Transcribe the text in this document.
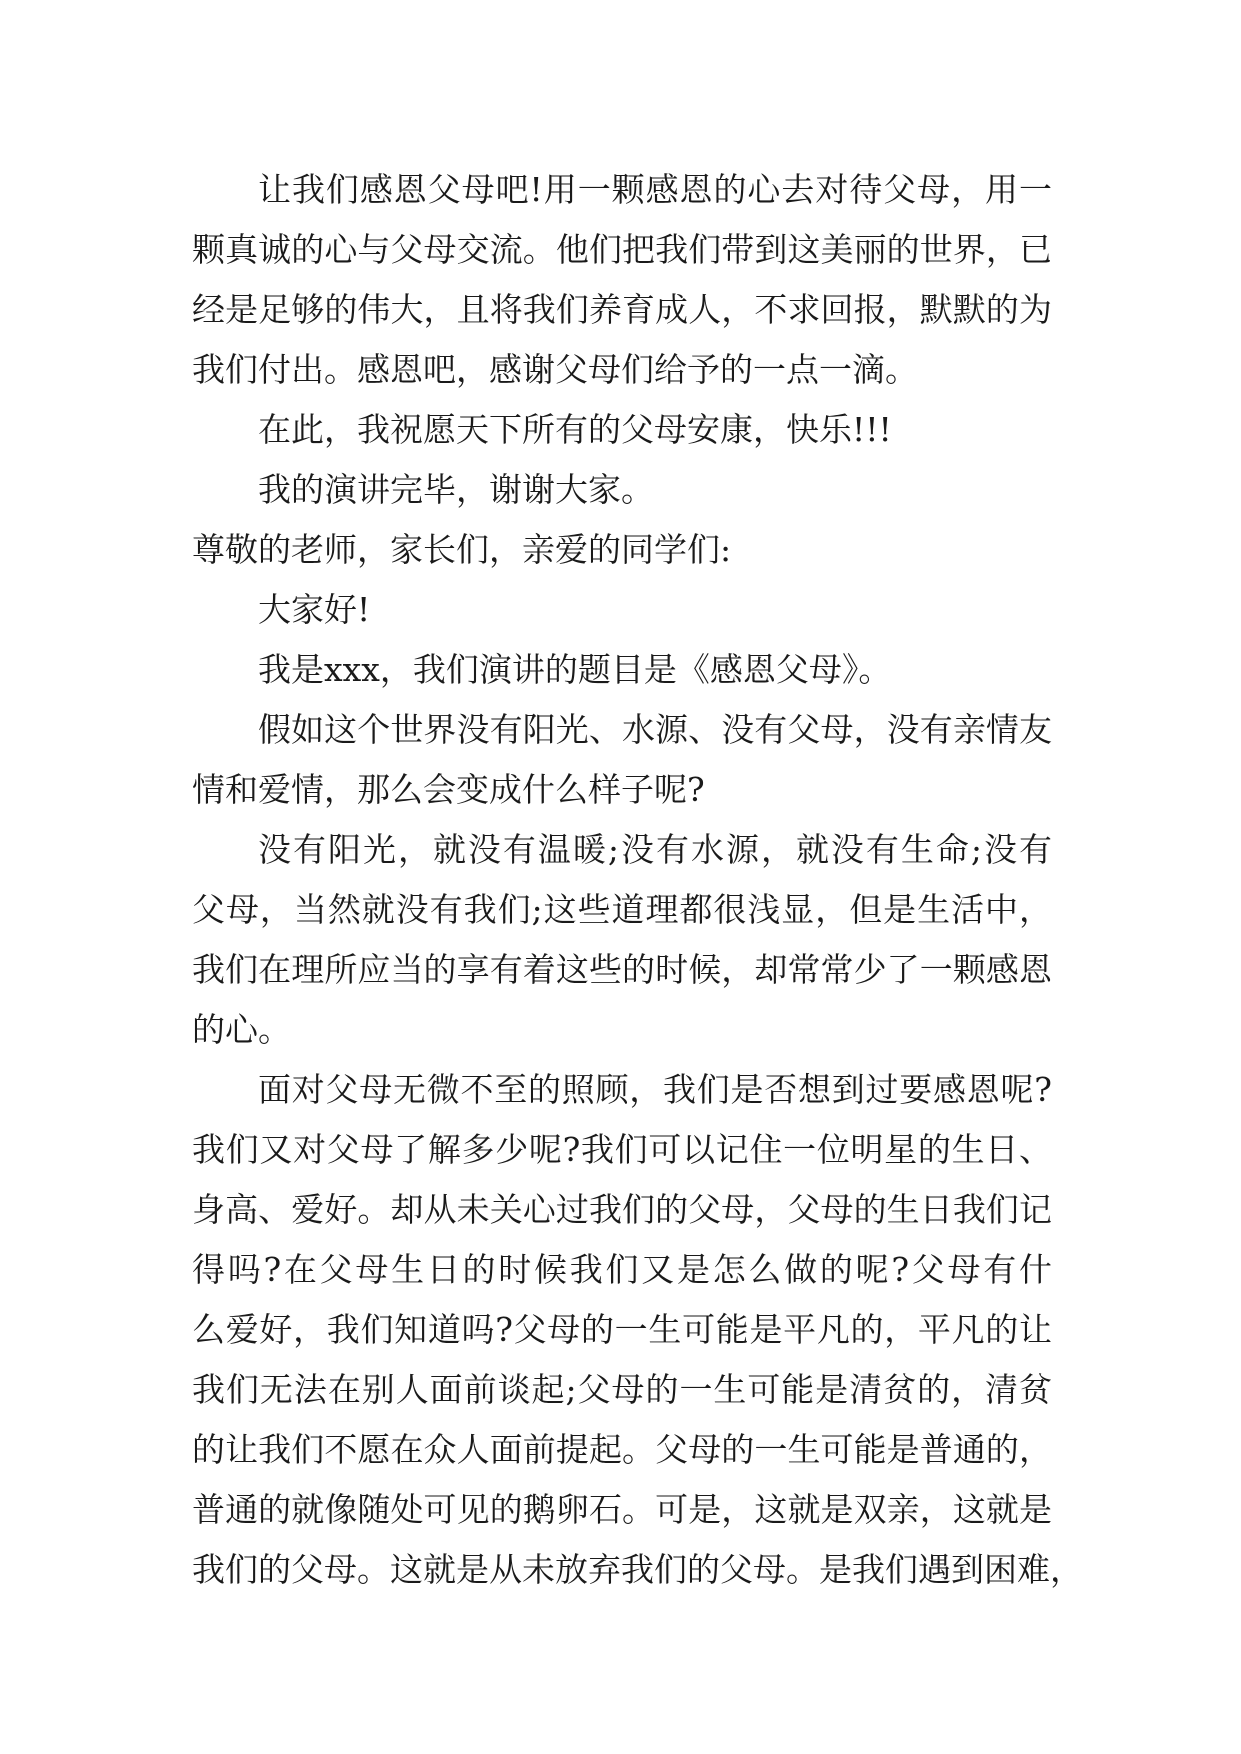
让我们感恩父母吧!用一颗感恩的心去对待父母，用一
颗真诚的心与父母交流。他们把我们带到这美丽的世界，已
经是足够的伟大，且将我们养育成人，不求回报，默默的为
我们付出。感恩吧，感谢父母们给予的一点一滴。
在此，我祝愿天下所有的父母安康，快乐!!!
我的演讲完毕，谢谢大家。
尊敬的老师，家长们，亲爱的同学们:
大家好!
我是xxx，我们演讲的题目是《感恩父母》。
假如这个世界没有阳光、水源、没有父母，没有亲情友
情和爱情，那么会变成什么样子呢?
没有阳光，就没有温暖;没有水源，就没有生命;没有
父母，当然就没有我们;这些道理都很浅显，但是生活中，
我们在理所应当的享有着这些的时候，却常常少了一颗感恩
的心。
面对父母无微不至的照顾，我们是否想到过要感恩呢?
我们又对父母了解多少呢?我们可以记住一位明星的生日、
身高、爱好。却从未关心过我们的父母，父母的生日我们记
得吗?在父母生日的时候我们又是怎么做的呢?父母有什
么爱好，我们知道吗?父母的一生可能是平凡的，平凡的让
我们无法在别人面前谈起;父母的一生可能是清贫的，清贫
的让我们不愿在众人面前提起。父母的一生可能是普通的，
普通的就像随处可见的鹅卵石。可是，这就是双亲，这就是
我们的父母。这就是从未放弃我们的父母。是我们遇到困难，
